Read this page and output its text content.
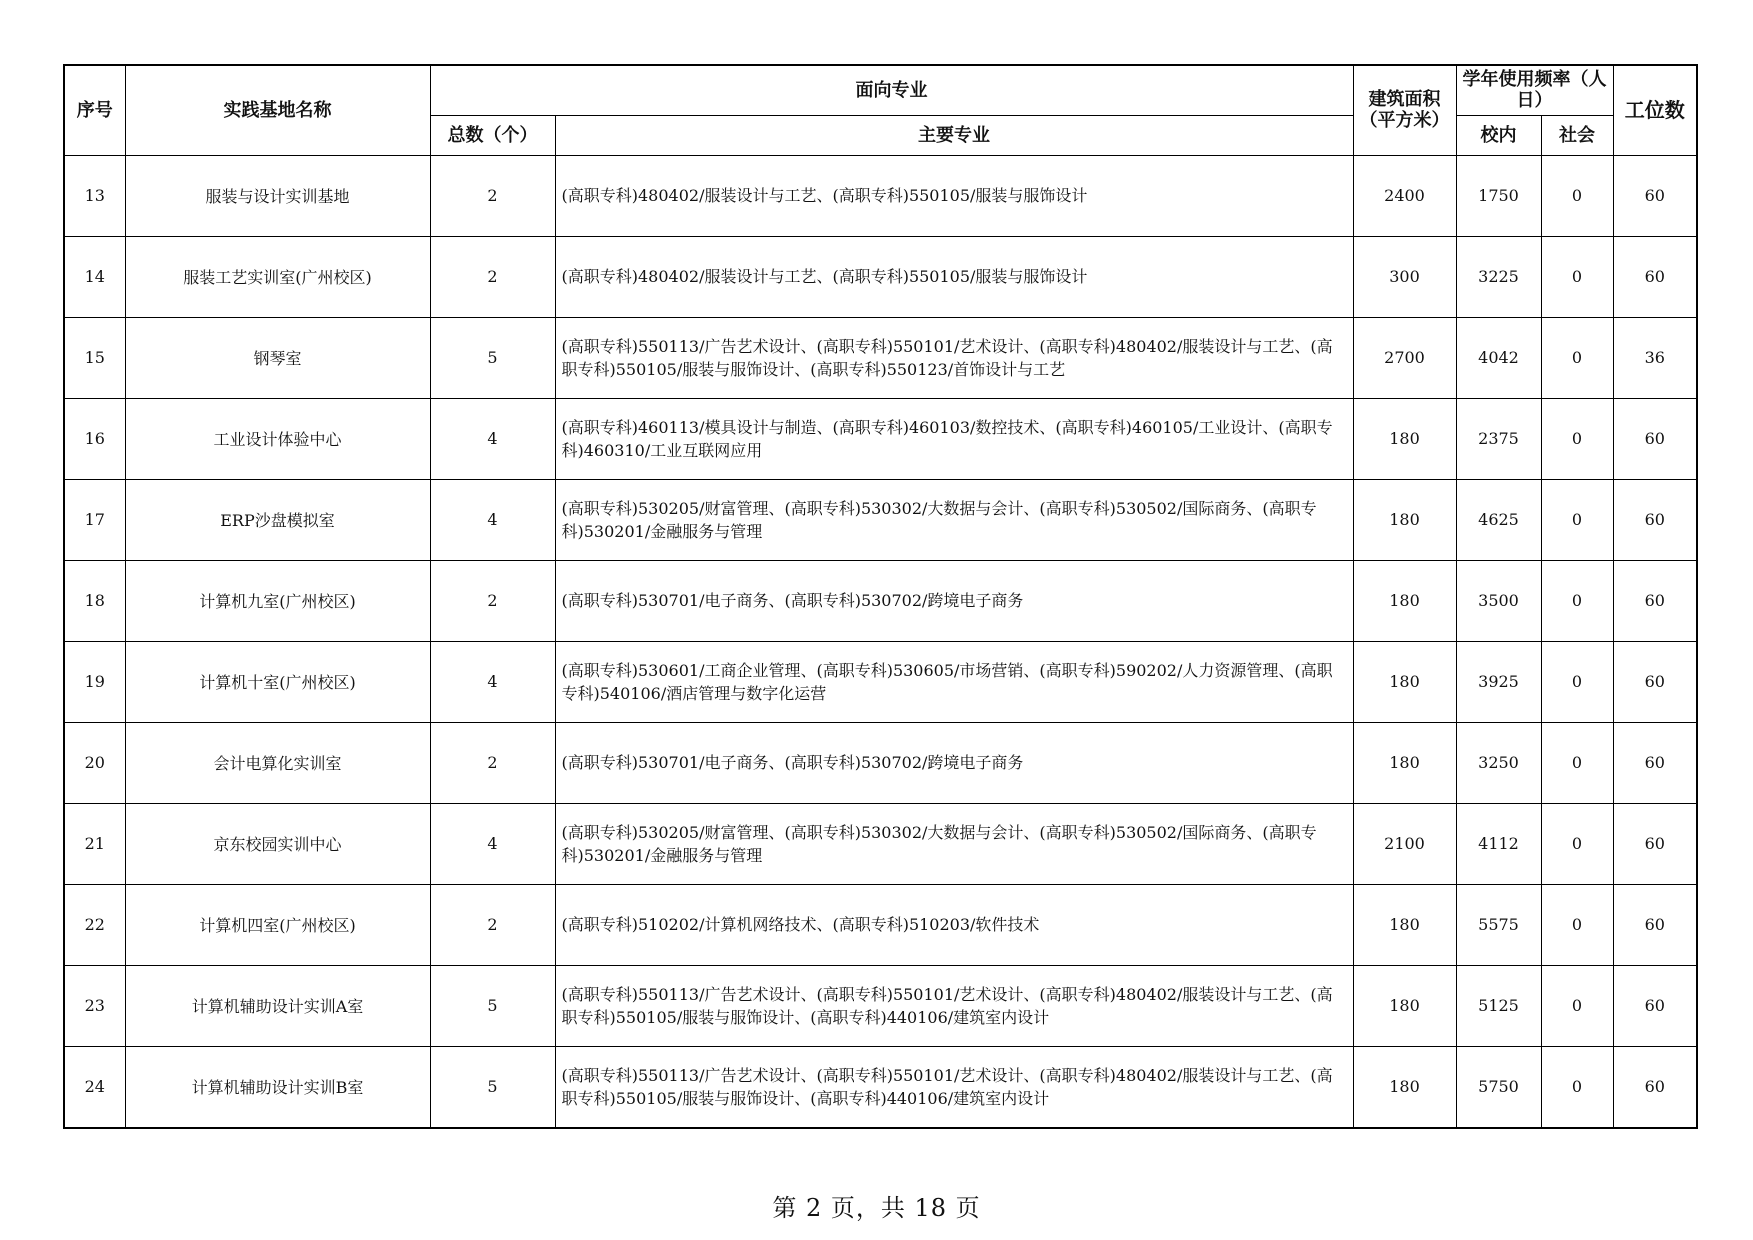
序号	实践基地名称	面向专业		建筑面积（平方米）	学年使用频率（人日）		工位数
		总数（个）	主要专业		校内	社会	
13	服装与设计实训基地	2	(高职专科)480402/服装设计与工艺、(高职专科)550105/服装与服饰设计	2400	1750	0	60
14	服装工艺实训室(广州校区)	2	(高职专科)480402/服装设计与工艺、(高职专科)550105/服装与服饰设计	300	3225	0	60
15	钢琴室	5	(高职专科)550113/广告艺术设计、(高职专科)550101/艺术设计、(高职专科)480402/服装设计与工艺、(高职专科)550105/服装与服饰设计、(高职专科)550123/首饰设计与工艺	2700	4042	0	36
16	工业设计体验中心	4	(高职专科)460113/模具设计与制造、(高职专科)460103/数控技术、(高职专科)460105/工业设计、(高职专科)460310/工业互联网应用	180	2375	0	60
17	ERP沙盘模拟室	4	(高职专科)530205/财富管理、(高职专科)530302/大数据与会计、(高职专科)530502/国际商务、(高职专科)530201/金融服务与管理	180	4625	0	60
18	计算机九室(广州校区)	2	(高职专科)530701/电子商务、(高职专科)530702/跨境电子商务	180	3500	0	60
19	计算机十室(广州校区)	4	(高职专科)530601/工商企业管理、(高职专科)530605/市场营销、(高职专科)590202/人力资源管理、(高职专科)540106/酒店管理与数字化运营	180	3925	0	60
20	会计电算化实训室	2	(高职专科)530701/电子商务、(高职专科)530702/跨境电子商务	180	3250	0	60
21	京东校园实训中心	4	(高职专科)530205/财富管理、(高职专科)530302/大数据与会计、(高职专科)530502/国际商务、(高职专科)530201/金融服务与管理	2100	4112	0	60
22	计算机四室(广州校区)	2	(高职专科)510202/计算机网络技术、(高职专科)510203/软件技术	180	5575	0	60
23	计算机辅助设计实训A室	5	(高职专科)550113/广告艺术设计、(高职专科)550101/艺术设计、(高职专科)480402/服装设计与工艺、(高职专科)550105/服装与服饰设计、(高职专科)440106/建筑室内设计	180	5125	0	60
24	计算机辅助设计实训B室	5	(高职专科)550113/广告艺术设计、(高职专科)550101/艺术设计、(高职专科)480402/服装设计与工艺、(高职专科)550105/服装与服饰设计、(高职专科)440106/建筑室内设计	180	5750	0	60
第 2 页，共 18 页
